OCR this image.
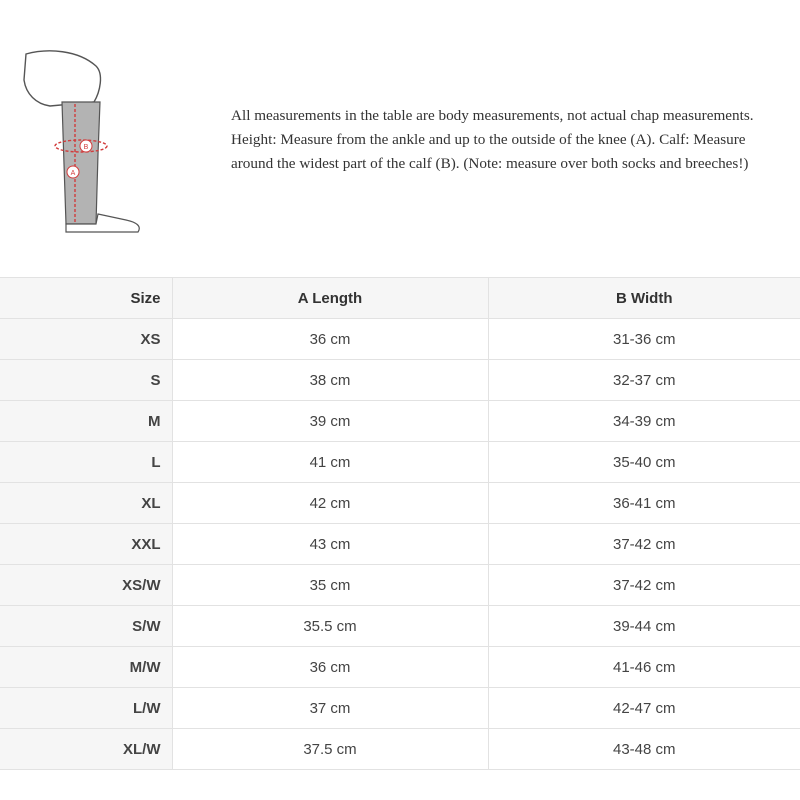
A
B

All measurements in the table are body measurements, not actual chap measurements.
Height: Measure from the ankle and up to the outside of the knee (A). Calf: Measure
around the widest part of the calf (B). (Note: measure over both socks and breeches!)

Size	A Length	B Width
XS	36 cm	31-36 cm
S	38 cm	32-37 cm
M	39 cm	34-39 cm
L	41 cm	35-40 cm
XL	42 cm	36-41 cm
XXL	43 cm	37-42 cm
XS/W	35 cm	37-42 cm
S/W	35.5 cm	39-44 cm
M/W	36 cm	41-46 cm
L/W	37 cm	42-47 cm
XL/W	37.5 cm	43-48 cm
